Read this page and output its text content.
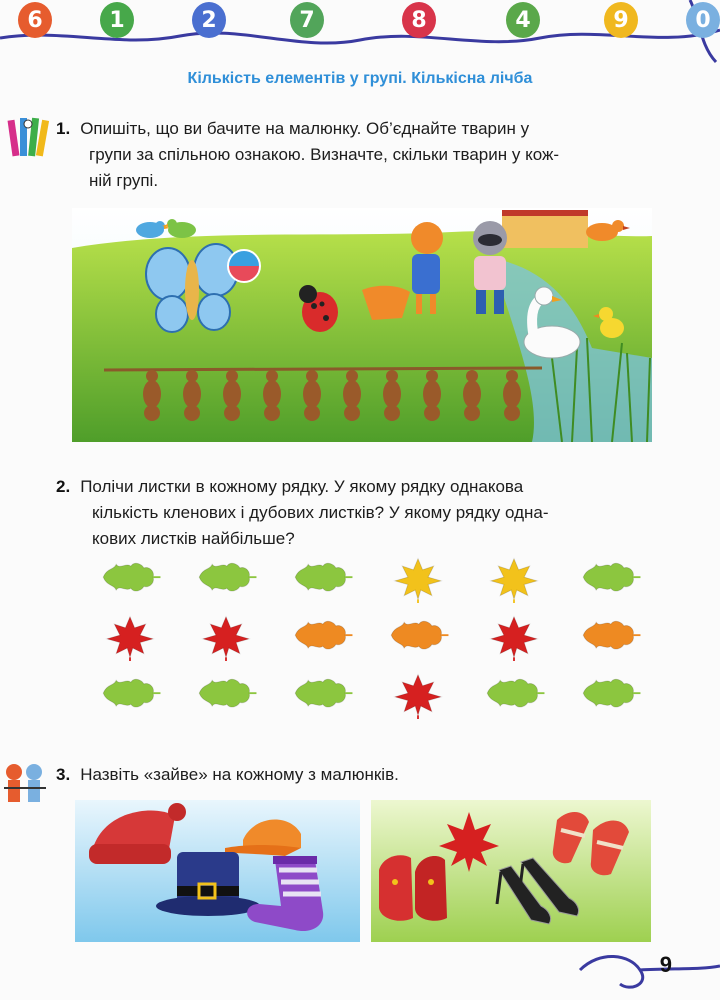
6	1	2	7	8	4	9	0
Кількість елементів у групі. Кількісна лічба
1. Опишіть, що ви бачите на малюнку. Об’єднайте тварин у
групи за спільною ознакою. Визначте, скільки тварин у кож-
ній групі.
2. Полічи листки в кожному рядку. У якому рядку однакова
кількість кленових і дубових листків? У якому рядку одна-
кових листків найбільше?
3. Назвіть «зайве» на кожному з малюнків.
9
